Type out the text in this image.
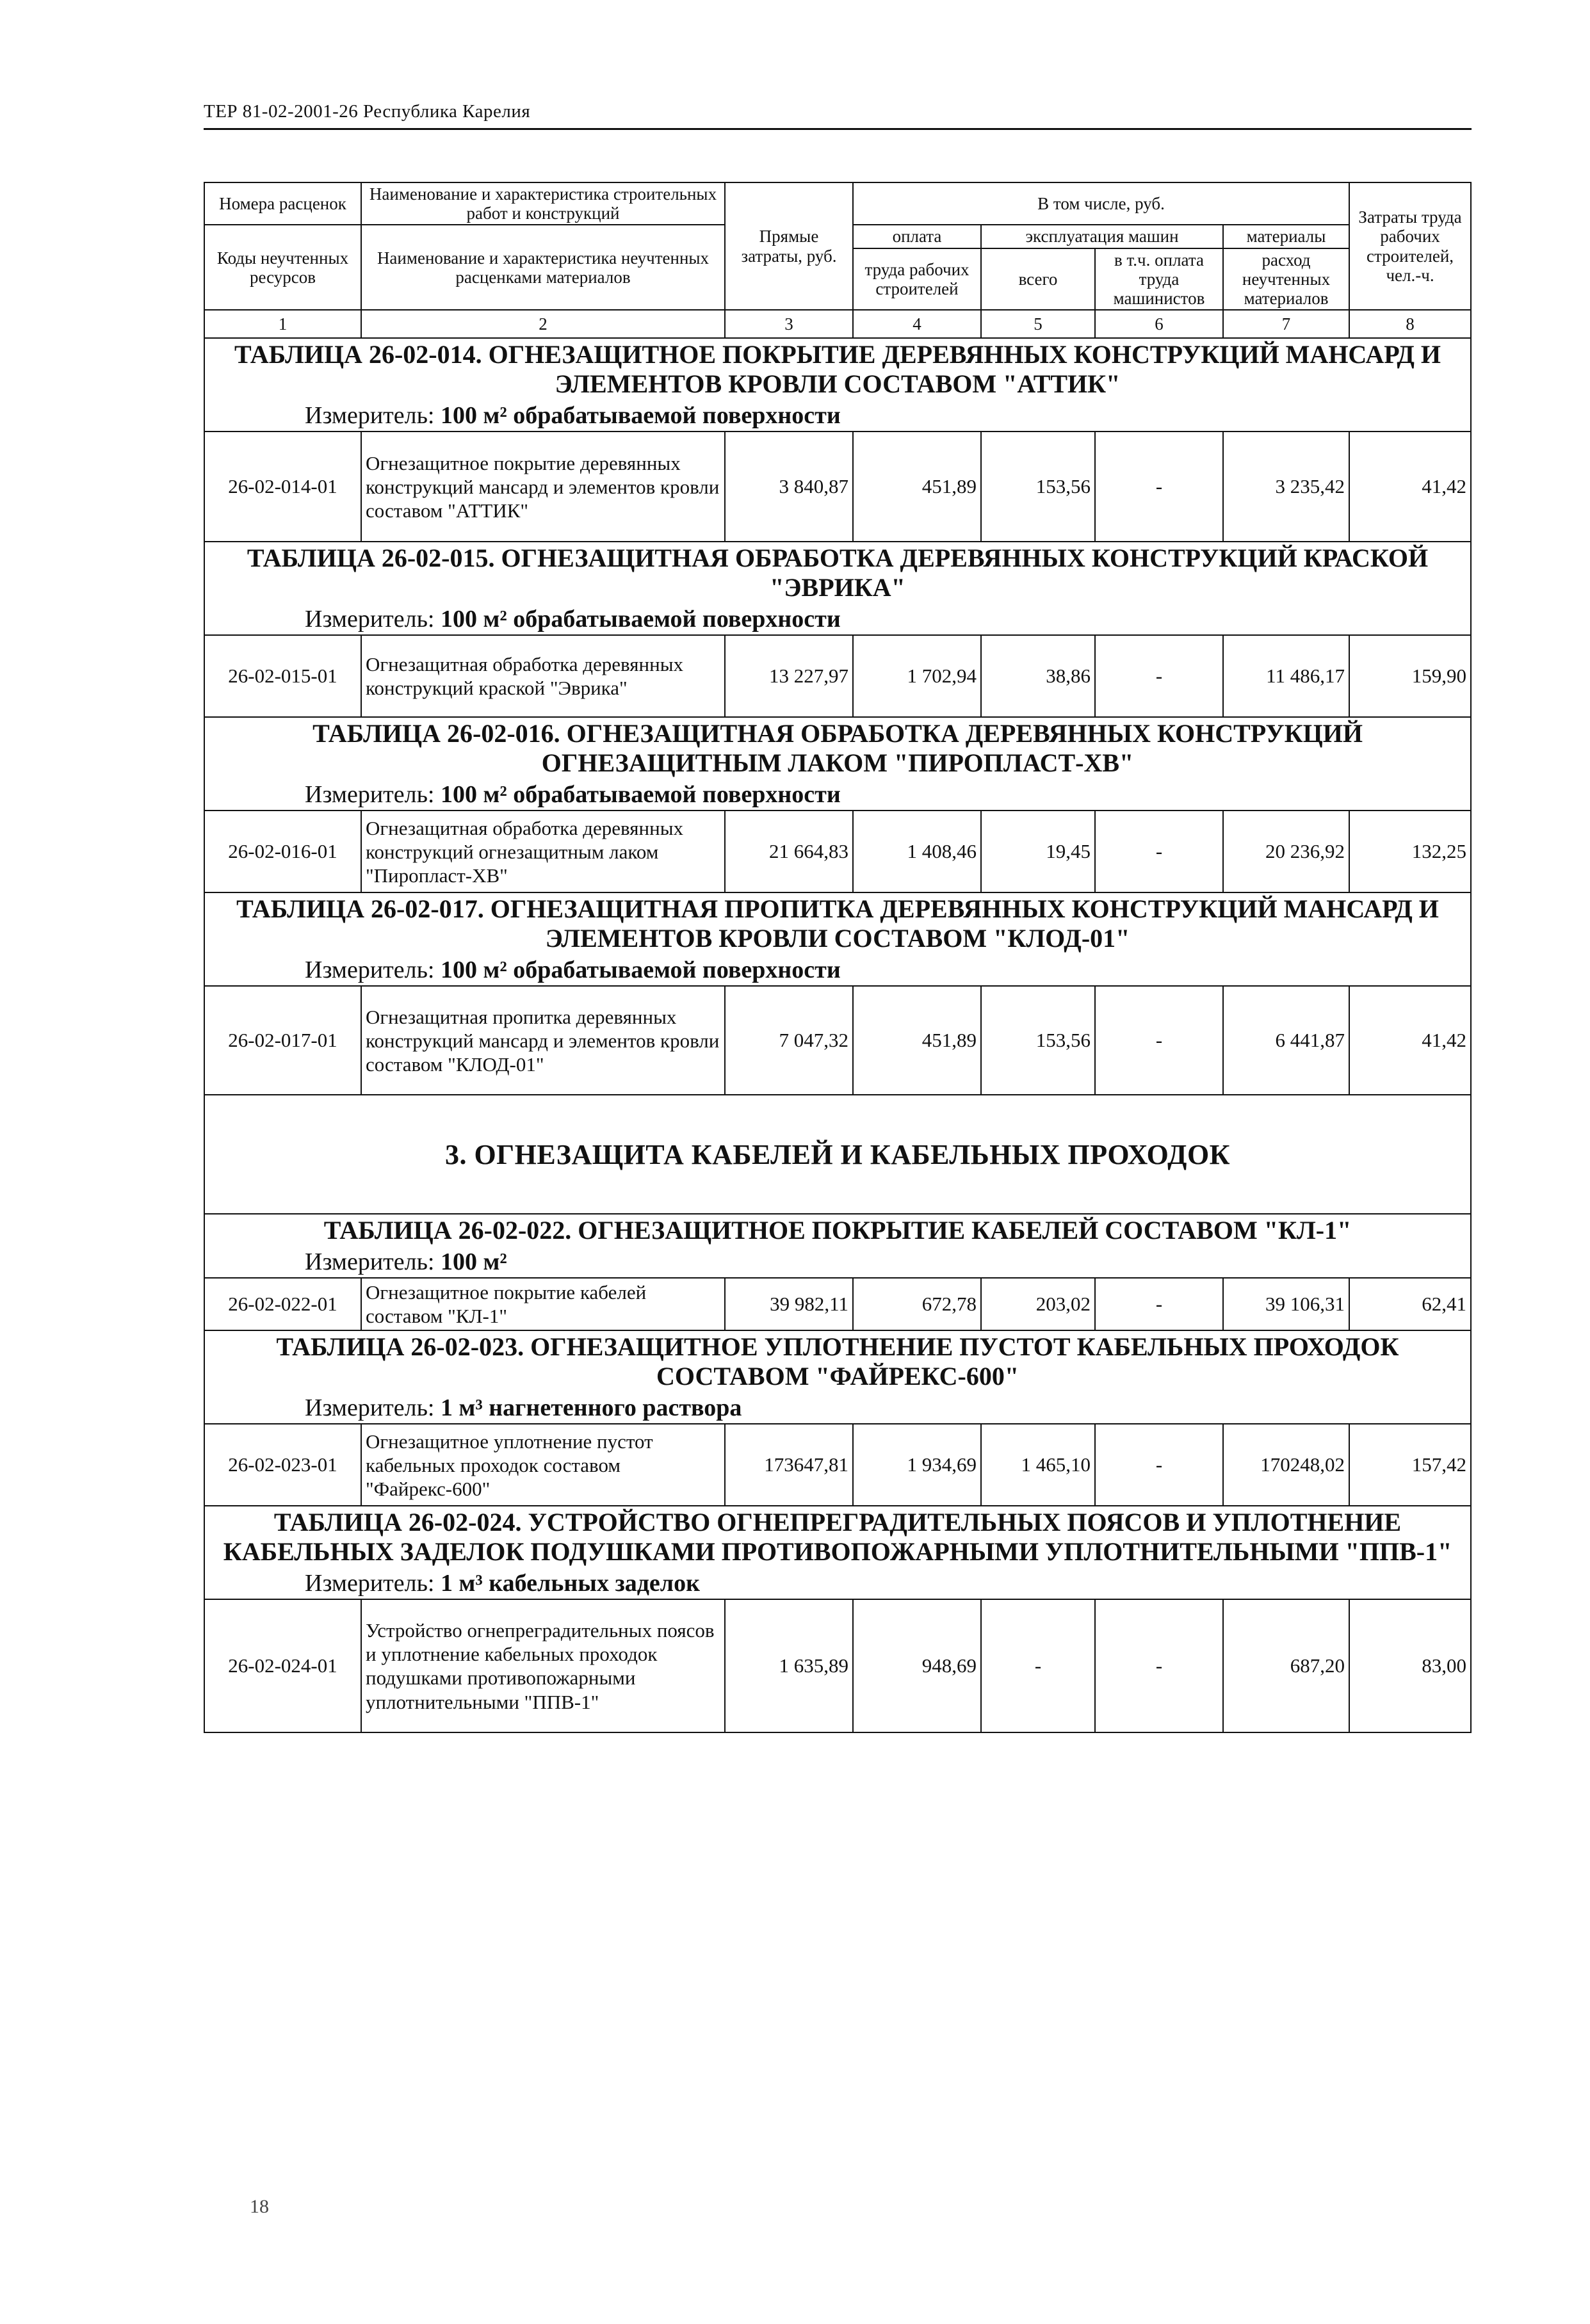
ТЕР 81-02-2001-26 Республика Карелия
Номера расценок	Наименование и характеристика строительных работ и конструкций	Прямые затраты, руб.	В том числе, руб.				Затраты труда рабочих строителей, чел.-ч.
Коды неучтенных ресурсов	Наименование и характеристика неучтенных расценками материалов		оплата	эксплуатация машин		материалы	
			труда рабочих строителей	всего	в т.ч. оплата труда машинистов	расход неучтенных материалов	
1	2	3	4	5	6	7	8
ТАБЛИЦА 26-02-014. ОГНЕЗАЩИТНОЕ ПОКРЫТИЕ ДЕРЕВЯННЫХ КОНСТРУКЦИЙ МАНСАРД И ЭЛЕМЕНТОВ КРОВЛИ СОСТАВОМ "АТТИК"							
Измеритель: 100 м² обрабатываемой поверхности							
26-02-014-01	Огнезащитное покрытие деревянных конструкций мансард и элементов кровли составом "АТТИК"	3 840,87	451,89	153,56	-	3 235,42	41,42
ТАБЛИЦА 26-02-015. ОГНЕЗАЩИТНАЯ ОБРАБОТКА ДЕРЕВЯННЫХ КОНСТРУКЦИЙ КРАСКОЙ "ЭВРИКА"							
Измеритель: 100 м² обрабатываемой поверхности							
26-02-015-01	Огнезащитная обработка деревянных конструкций краской "Эврика"	13 227,97	1 702,94	38,86	-	11 486,17	159,90
ТАБЛИЦА 26-02-016. ОГНЕЗАЩИТНАЯ ОБРАБОТКА ДЕРЕВЯННЫХ КОНСТРУКЦИЙ ОГНЕЗАЩИТНЫМ ЛАКОМ "ПИРОПЛАСТ-ХВ"							
Измеритель: 100 м² обрабатываемой поверхности							
26-02-016-01	Огнезащитная обработка деревянных конструкций огнезащитным лаком "Пиропласт-ХВ"	21 664,83	1 408,46	19,45	-	20 236,92	132,25
ТАБЛИЦА 26-02-017. ОГНЕЗАЩИТНАЯ ПРОПИТКА ДЕРЕВЯННЫХ КОНСТРУКЦИЙ МАНСАРД И ЭЛЕМЕНТОВ КРОВЛИ СОСТАВОМ "КЛОД-01"							
Измеритель: 100 м² обрабатываемой поверхности							
26-02-017-01	Огнезащитная пропитка деревянных конструкций мансард и элементов кровли составом "КЛОД-01"	7 047,32	451,89	153,56	-	6 441,87	41,42
3. ОГНЕЗАЩИТА КАБЕЛЕЙ И КАБЕЛЬНЫХ ПРОХОДОК							
ТАБЛИЦА 26-02-022. ОГНЕЗАЩИТНОЕ ПОКРЫТИЕ КАБЕЛЕЙ СОСТАВОМ "КЛ-1"							
Измеритель: 100 м²							
26-02-022-01	Огнезащитное покрытие кабелей составом "КЛ-1"	39 982,11	672,78	203,02	-	39 106,31	62,41
ТАБЛИЦА 26-02-023. ОГНЕЗАЩИТНОЕ УПЛОТНЕНИЕ ПУСТОТ КАБЕЛЬНЫХ ПРОХОДОК СОСТАВОМ "ФАЙРЕКС-600"							
Измеритель: 1 м³ нагнетенного раствора							
26-02-023-01	Огнезащитное уплотнение пустот кабельных проходок составом "Файрекс-600"	173647,81	1 934,69	1 465,10	-	170248,02	157,42
ТАБЛИЦА 26-02-024. УСТРОЙСТВО ОГНЕПРЕГРАДИТЕЛЬНЫХ ПОЯСОВ И УПЛОТНЕНИЕ КАБЕЛЬНЫХ ЗАДЕЛОК ПОДУШКАМИ ПРОТИВОПОЖАРНЫМИ УПЛОТНИТЕЛЬНЫМИ "ППВ-1"							
Измеритель: 1 м³ кабельных заделок							
26-02-024-01	Устройство огнепреградительных поясов и уплотнение кабельных проходок подушками противопожарными уплотнительными "ППВ-1"	1 635,89	948,69	-	-	687,20	83,00
18
